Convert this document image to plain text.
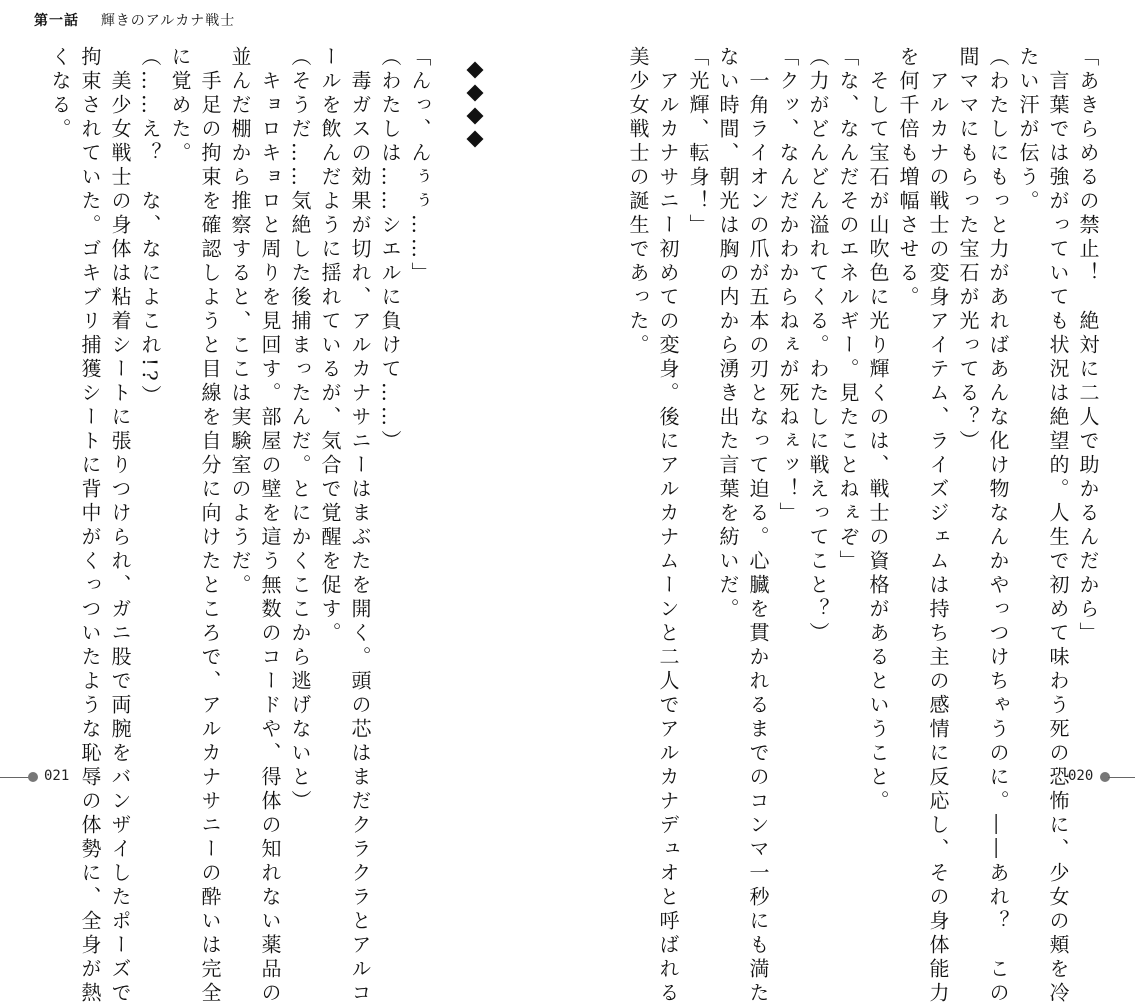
第一話 輝きのアルカナ戦士
「あきらめるの禁止！　絶対に二人で助かるんだから」
　言葉では強がっていても状況は絶望的。人生で初めて味わう死の恐怖に、少女の頬を冷
たい汗が伝う。
（わたしにもっと力があればあんな化け物なんかやっつけちゃうのに。――あれ？　この
間ママにもらった宝石が光ってる？）
　アルカナの戦士の変身アイテム、ライズジェムは持ち主の感情に反応し、その身体能力
を何千倍も増幅させる。
　そして宝石が山吹色に光り輝くのは、戦士の資格があるということ。
「な、なんだそのエネルギー。見たことねぇぞ」
（力がどんどん溢れてくる。わたしに戦えってこと？）
「クッ、なんだかわからねぇが死ねぇッ！」
　一角ライオンの爪が五本の刃となって迫る。心臓を貫かれるまでのコンマ一秒にも満た
ない時間、朝光は胸の内から湧き出た言葉を紡いだ。
「光輝、転身！」
　アルカナサニー初めての変身。後にアルカナムーンと二人でアルカナデュオと呼ばれる
美少女戦士の誕生であった。
「んっ、んぅぅ……」
（わたしは……シエルに負けて……）
　毒ガスの効果が切れ、アルカナサニーはまぶたを開く。頭の芯はまだクラクラとアルコ
ールを飲んだように揺れているが、気合で覚醒を促す。
（そうだ……気絶した後捕まったんだ。とにかくここから逃げないと）
　キョロキョロと周りを見回す。部屋の壁を這う無数のコードや、得体の知れない薬品の
並んだ棚から推察すると、ここは実験室のようだ。
　手足の拘束を確認しようと目線を自分に向けたところで、アルカナサニーの酔いは完全
に覚めた。
（……え？　な、なによこれ!?）
　美少女戦士の身体は粘着シートに張りつけられ、ガニ股で両腕をバンザイしたポーズで
拘束されていた。ゴキブリ捕獲シートに背中がくっついたような恥辱の体勢に、全身が熱
くなる。
021	020
